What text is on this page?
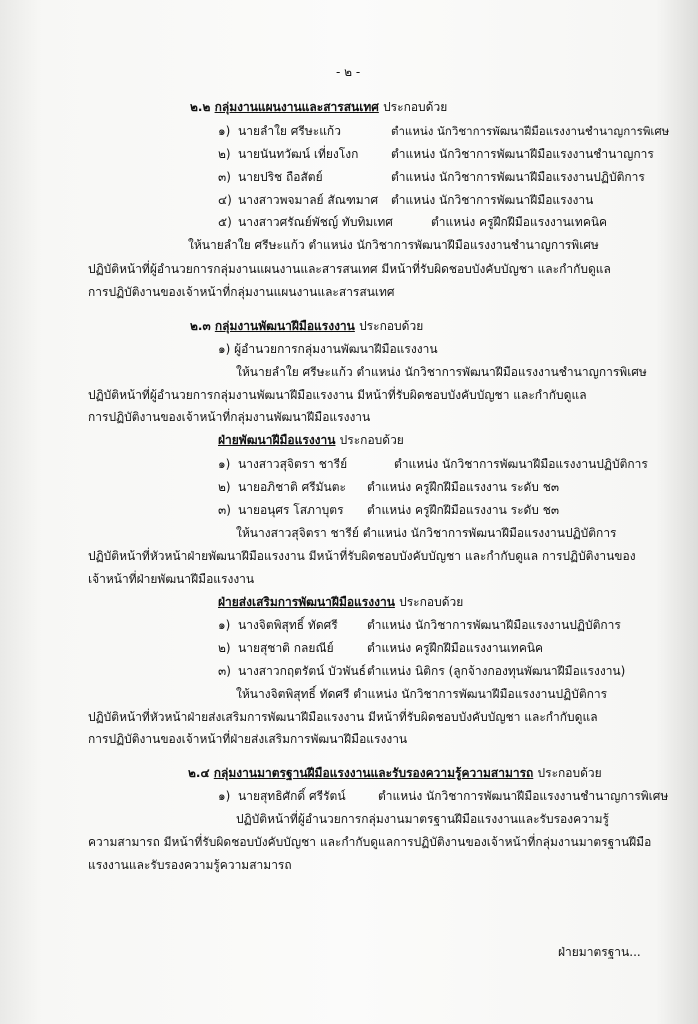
- ๒ -
๒.๒ กลุ่มงานแผนงานและสารสนเทศ ประกอบด้วย
๑) นายลำใย ศรีษะแก้ว	ตำแหน่ง นักวิชาการพัฒนาฝีมือแรงงานชำนาญการพิเศษ
๒) นายนันทวัฒน์ เที่ยงโงก	ตำแหน่ง นักวิชาการพัฒนาฝีมือแรงงานชำนาญการ
๓) นายปริช ถือสัตย์	ตำแหน่ง นักวิชาการพัฒนาฝีมือแรงงานปฏิบัติการ
๔) นางสาวพจมาลย์ สัณฑมาศ ตำแหน่ง นักวิชาการพัฒนาฝีมือแรงงาน
๕) นางสาวศรัณย์พัชญ์ ทับทิมเทศ	ตำแหน่ง ครูฝึกฝีมือแรงงานเทคนิค
ให้นายลำใย ศรีษะแก้ว ตำแหน่ง นักวิชาการพัฒนาฝีมือแรงงานชำนาญการพิเศษ
ปฏิบัติหน้าที่ผู้อำนวยการกลุ่มงานแผนงานและสารสนเทศ มีหน้าที่รับผิดชอบบังคับบัญชา และกำกับดูแล
การปฏิบัติงานของเจ้าหน้าที่กลุ่มงานแผนงานและสารสนเทศ
๒.๓ กลุ่มงานพัฒนาฝีมือแรงงาน ประกอบด้วย
๑) ผู้อำนวยการกลุ่มงานพัฒนาฝีมือแรงงาน
ให้นายลำใย ศรีษะแก้ว ตำแหน่ง นักวิชาการพัฒนาฝีมือแรงงานชำนาญการพิเศษ
ปฏิบัติหน้าที่ผู้อำนวยการกลุ่มงานพัฒนาฝีมือแรงงาน มีหน้าที่รับผิดชอบบังคับบัญชา และกำกับดูแล
การปฏิบัติงานของเจ้าหน้าที่กลุ่มงานพัฒนาฝีมือแรงงาน
ฝ่ายพัฒนาฝีมือแรงงาน ประกอบด้วย
๑) นางสาวสุจิตรา ชารีย์	ตำแหน่ง นักวิชาการพัฒนาฝีมือแรงงานปฏิบัติการ
๒) นายอภิชาติ ศรีมันตะ ตำแหน่ง ครูฝึกฝีมือแรงงาน ระดับ ช๓
๓) นายอนุศร โสภาบุตร ตำแหน่ง ครูฝึกฝีมือแรงงาน ระดับ ช๓
ให้นางสาวสุจิตรา ชารีย์ ตำแหน่ง นักวิชาการพัฒนาฝีมือแรงงานปฏิบัติการ
ปฏิบัติหน้าที่หัวหน้าฝ่ายพัฒนาฝีมือแรงงาน มีหน้าที่รับผิดชอบบังคับบัญชา และกำกับดูแล การปฏิบัติงานของ
เจ้าหน้าที่ฝ่ายพัฒนาฝีมือแรงงาน
ฝ่ายส่งเสริมการพัฒนาฝีมือแรงงาน ประกอบด้วย
๑) นางจิตพิสุทธิ์ ทัดศรี ตำแหน่ง นักวิชาการพัฒนาฝีมือแรงงานปฏิบัติการ
๒) นายสุชาติ กลยณีย์	ตำแหน่ง ครูฝึกฝีมือแรงงานเทคนิค
๓) นางสาวกฤตรัตน์ บัวพันธ์ ตำแหน่ง นิติกร (ลูกจ้างกองทุนพัฒนาฝีมือแรงงาน)
ให้นางจิตพิสุทธิ์ ทัดศรี ตำแหน่ง นักวิชาการพัฒนาฝีมือแรงงานปฏิบัติการ
ปฏิบัติหน้าที่หัวหน้าฝ่ายส่งเสริมการพัฒนาฝีมือแรงงาน มีหน้าที่รับผิดชอบบังคับบัญชา และกำกับดูแล
การปฏิบัติงานของเจ้าหน้าที่ฝ่ายส่งเสริมการพัฒนาฝีมือแรงงาน
๒.๔ กลุ่มงานมาตรฐานฝีมือแรงงานและรับรองความรู้ความสามารถ ประกอบด้วย
๑) นายสุทธิศักดิ์ ศรีรัตน์	ตำแหน่ง นักวิชาการพัฒนาฝีมือแรงงานชำนาญการพิเศษ
ปฏิบัติหน้าที่ผู้อำนวยการกลุ่มงานมาตรฐานฝีมือแรงงานและรับรองความรู้
ความสามารถ มีหน้าที่รับผิดชอบบังคับบัญชา และกำกับดูแลการปฏิบัติงานของเจ้าหน้าที่กลุ่มงานมาตรฐานฝีมือ
แรงงานและรับรองความรู้ความสามารถ
ฝ่ายมาตรฐาน...
